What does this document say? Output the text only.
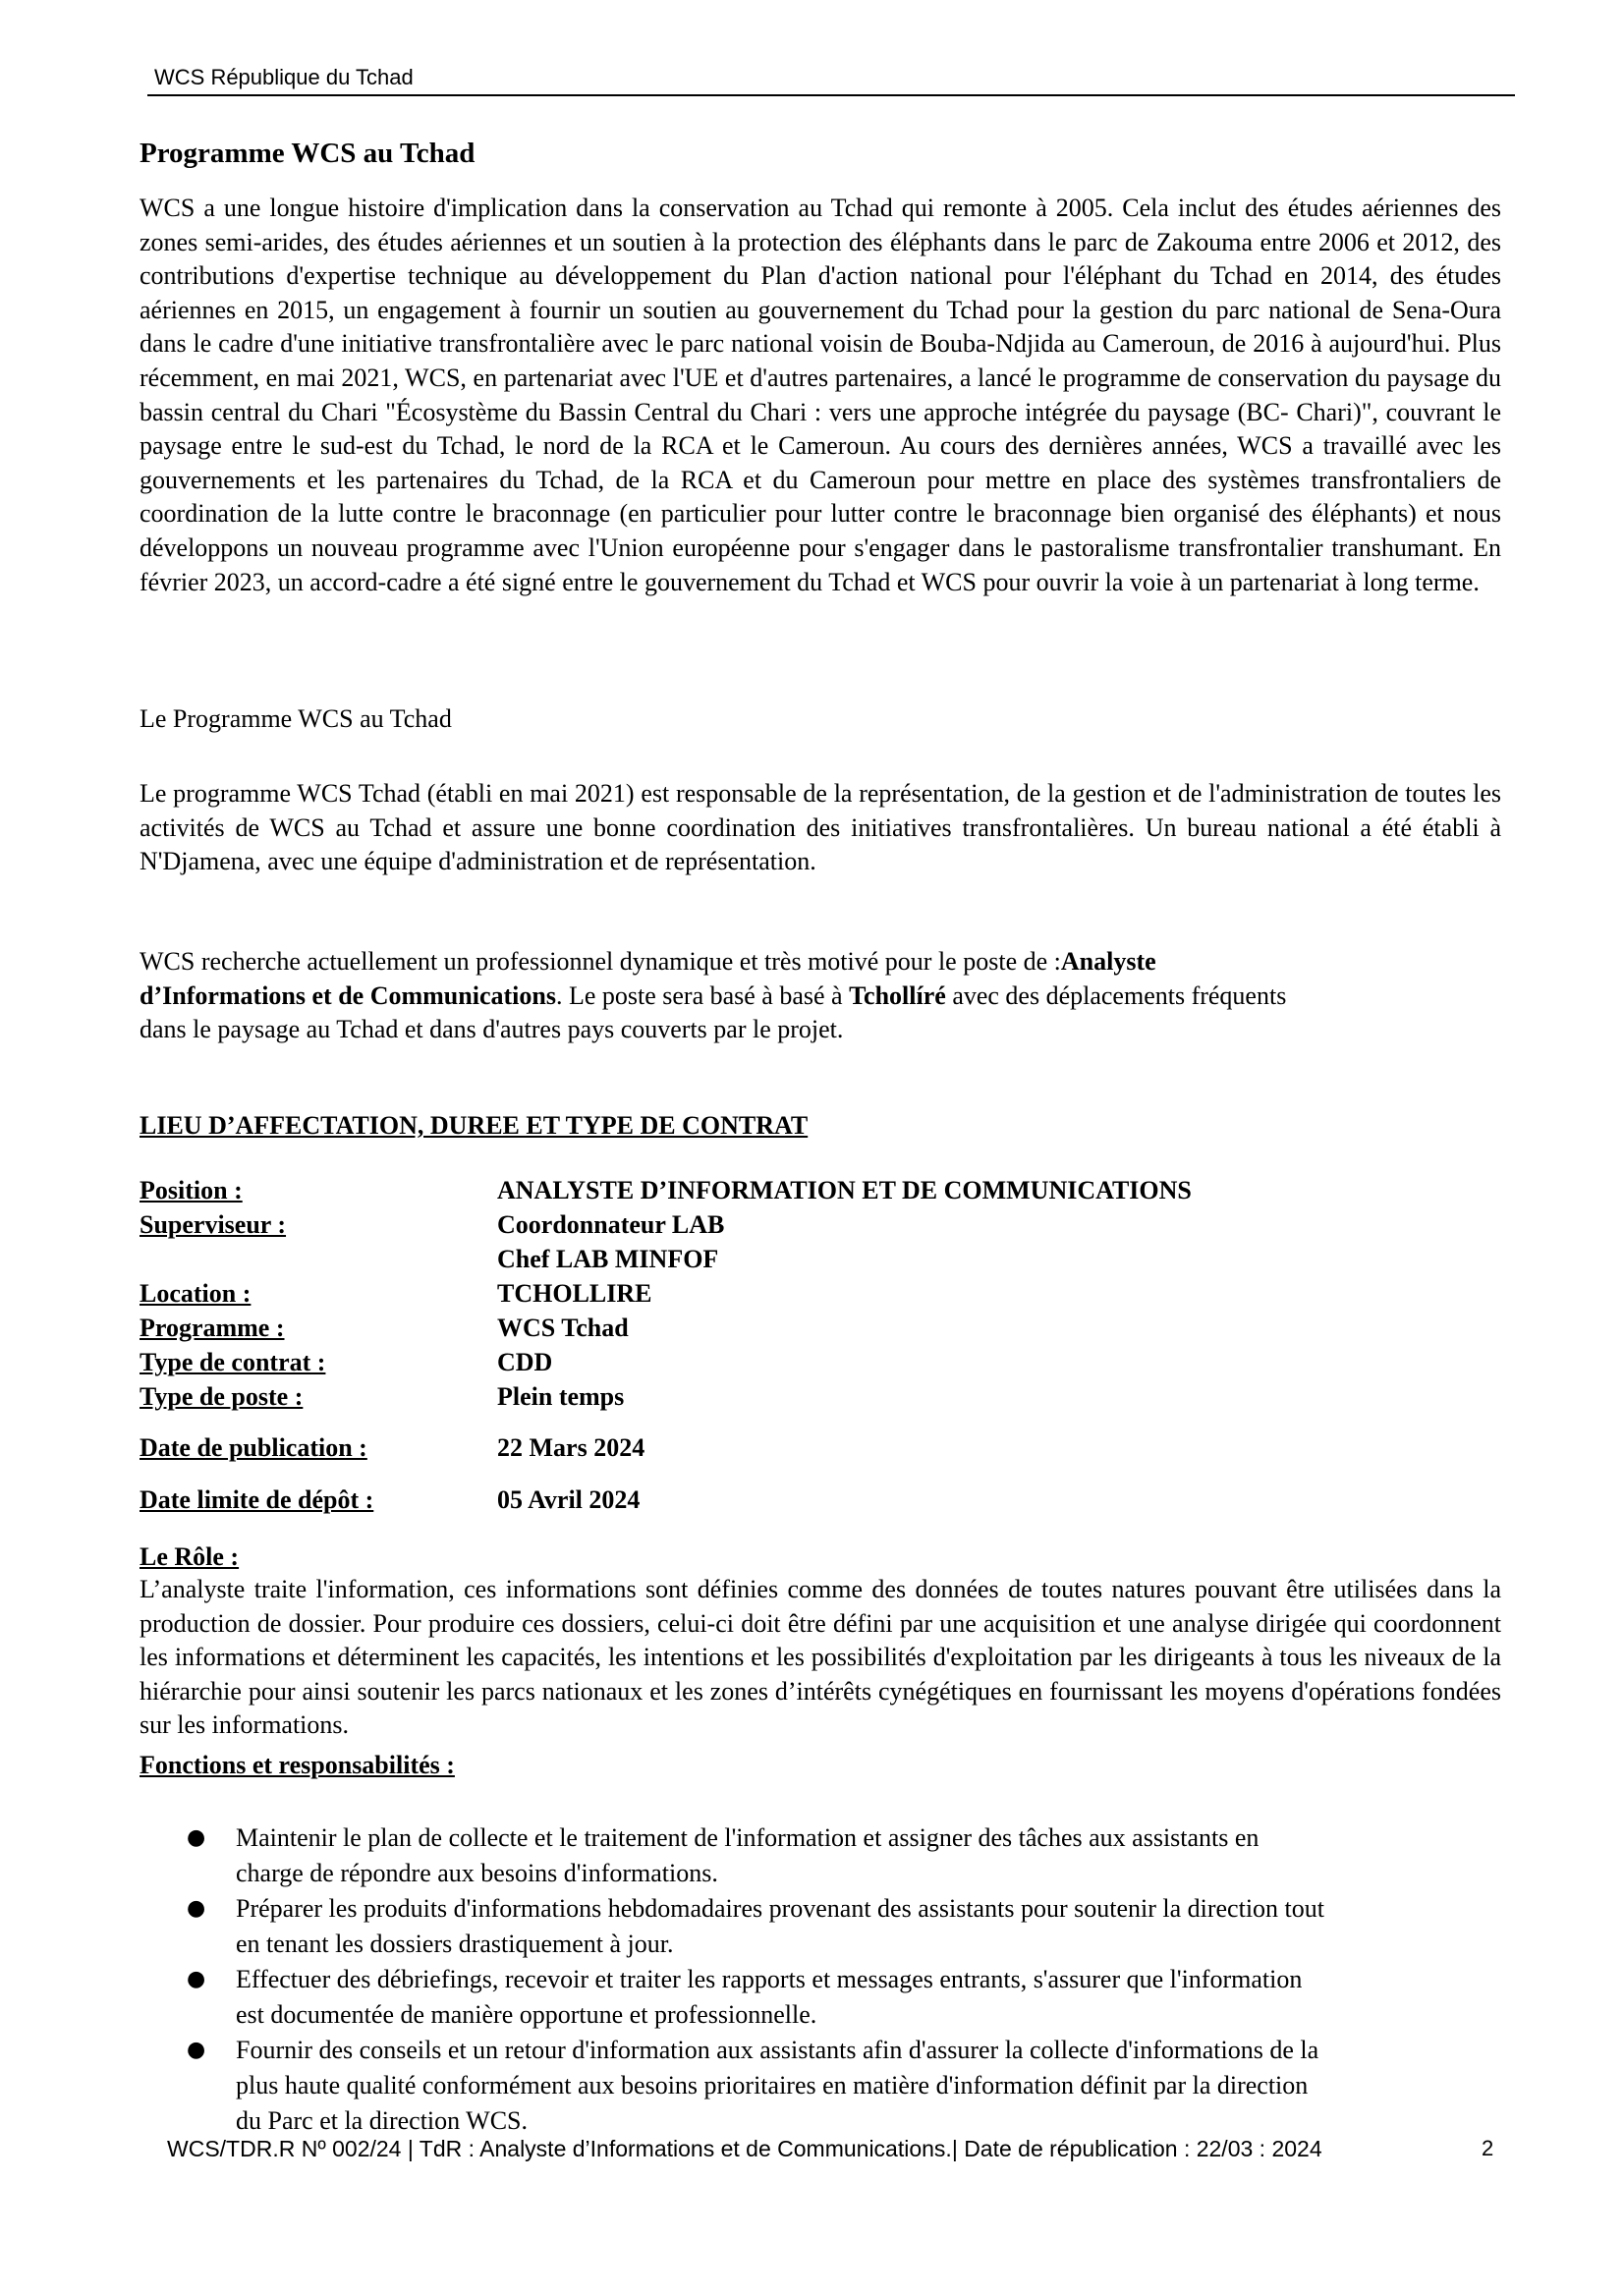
WCS République du Tchad
Programme WCS au Tchad
WCS a une longue histoire d'implication dans la conservation au Tchad qui remonte à 2005. Cela inclut des études aériennes des zones semi-arides, des études aériennes et un soutien à la protection des éléphants dans le parc de Zakouma entre 2006 et 2012, des contributions d'expertise technique au développement du Plan d'action national pour l'éléphant du Tchad en 2014, des études aériennes en 2015, un engagement à fournir un soutien au gouvernement du Tchad pour la gestion du parc national de Sena-Oura dans le cadre d'une initiative transfrontalière avec le parc national voisin de Bouba-Ndjida au Cameroun, de 2016 à aujourd'hui. Plus récemment, en mai 2021, WCS, en partenariat avec l'UE et d'autres partenaires, a lancé le programme de conservation du paysage du bassin central du Chari "Écosystème du Bassin Central du Chari : vers une approche intégrée du paysage (BC- Chari)", couvrant le paysage entre le sud-est du Tchad, le nord de la RCA et le Cameroun. Au cours des dernières années, WCS a travaillé avec les gouvernements et les partenaires du Tchad, de la RCA et du Cameroun pour mettre en place des systèmes transfrontaliers de coordination de la lutte contre le braconnage (en particulier pour lutter contre le braconnage bien organisé des éléphants) et nous développons un nouveau programme avec l'Union européenne pour s'engager dans le pastoralisme transfrontalier transhumant. En février 2023, un accord-cadre a été signé entre le gouvernement du Tchad et WCS pour ouvrir la voie à un partenariat à long terme.
Le Programme WCS au Tchad
Le programme WCS Tchad (établi en mai 2021) est responsable de la représentation, de la gestion et de l'administration de toutes les activités de WCS au Tchad et assure une bonne coordination des initiatives transfrontalières. Un bureau national a été établi à N'Djamena, avec une équipe d'administration et de représentation.
WCS recherche actuellement un professionnel dynamique et très motivé pour le poste de :Analyste
d’Informations et de Communications. Le poste sera basé à basé à Tchollíré avec des déplacements fréquents
dans le paysage au Tchad et dans d'autres pays couverts par le projet.
LIEU D’AFFECTATION, DUREE ET TYPE DE CONTRAT
Position :	ANALYSTE D’INFORMATION ET DE COMMUNICATIONS
Superviseur :	Coordonnateur LAB
Chef LAB MINFOF
Location :	TCHOLLIRE
Programme :	WCS Tchad
Type de contrat :	CDD
Type de poste :	Plein temps
Date de publication :	22 Mars 2024
Date limite de dépôt :	05 Avril 2024
Le Rôle :
L’analyste traite l'information, ces informations sont définies comme des données de toutes natures pouvant être utilisées dans la production de dossier. Pour produire ces dossiers, celui-ci doit être défini par une acquisition et une analyse dirigée qui coordonnent les informations et déterminent les capacités, les intentions et les possibilités d'exploitation par les dirigeants à tous les niveaux de la hiérarchie pour ainsi soutenir les parcs nationaux et les zones d’intérêts cynégétiques en fournissant les moyens d'opérations fondées sur les informations.
Fonctions et responsabilités :
● Maintenir le plan de collecte et le traitement de l'information et assigner des tâches aux assistants en charge de répondre aux besoins d'informations.
● Préparer les produits d'informations hebdomadaires provenant des assistants pour soutenir la direction tout en tenant les dossiers drastiquement à jour.
● Effectuer des débriefings, recevoir et traiter les rapports et messages entrants, s'assurer que l'information est documentée de manière opportune et professionnelle.
● Fournir des conseils et un retour d'information aux assistants afin d'assurer la collecte d'informations de la plus haute qualité conformément aux besoins prioritaires en matière d'information définit par la direction du Parc et la direction WCS.
WCS/TDR.R Nº 002/24 | TdR : Analyste d’Informations et de Communications.| Date de républication : 22/03 : 2024	2
